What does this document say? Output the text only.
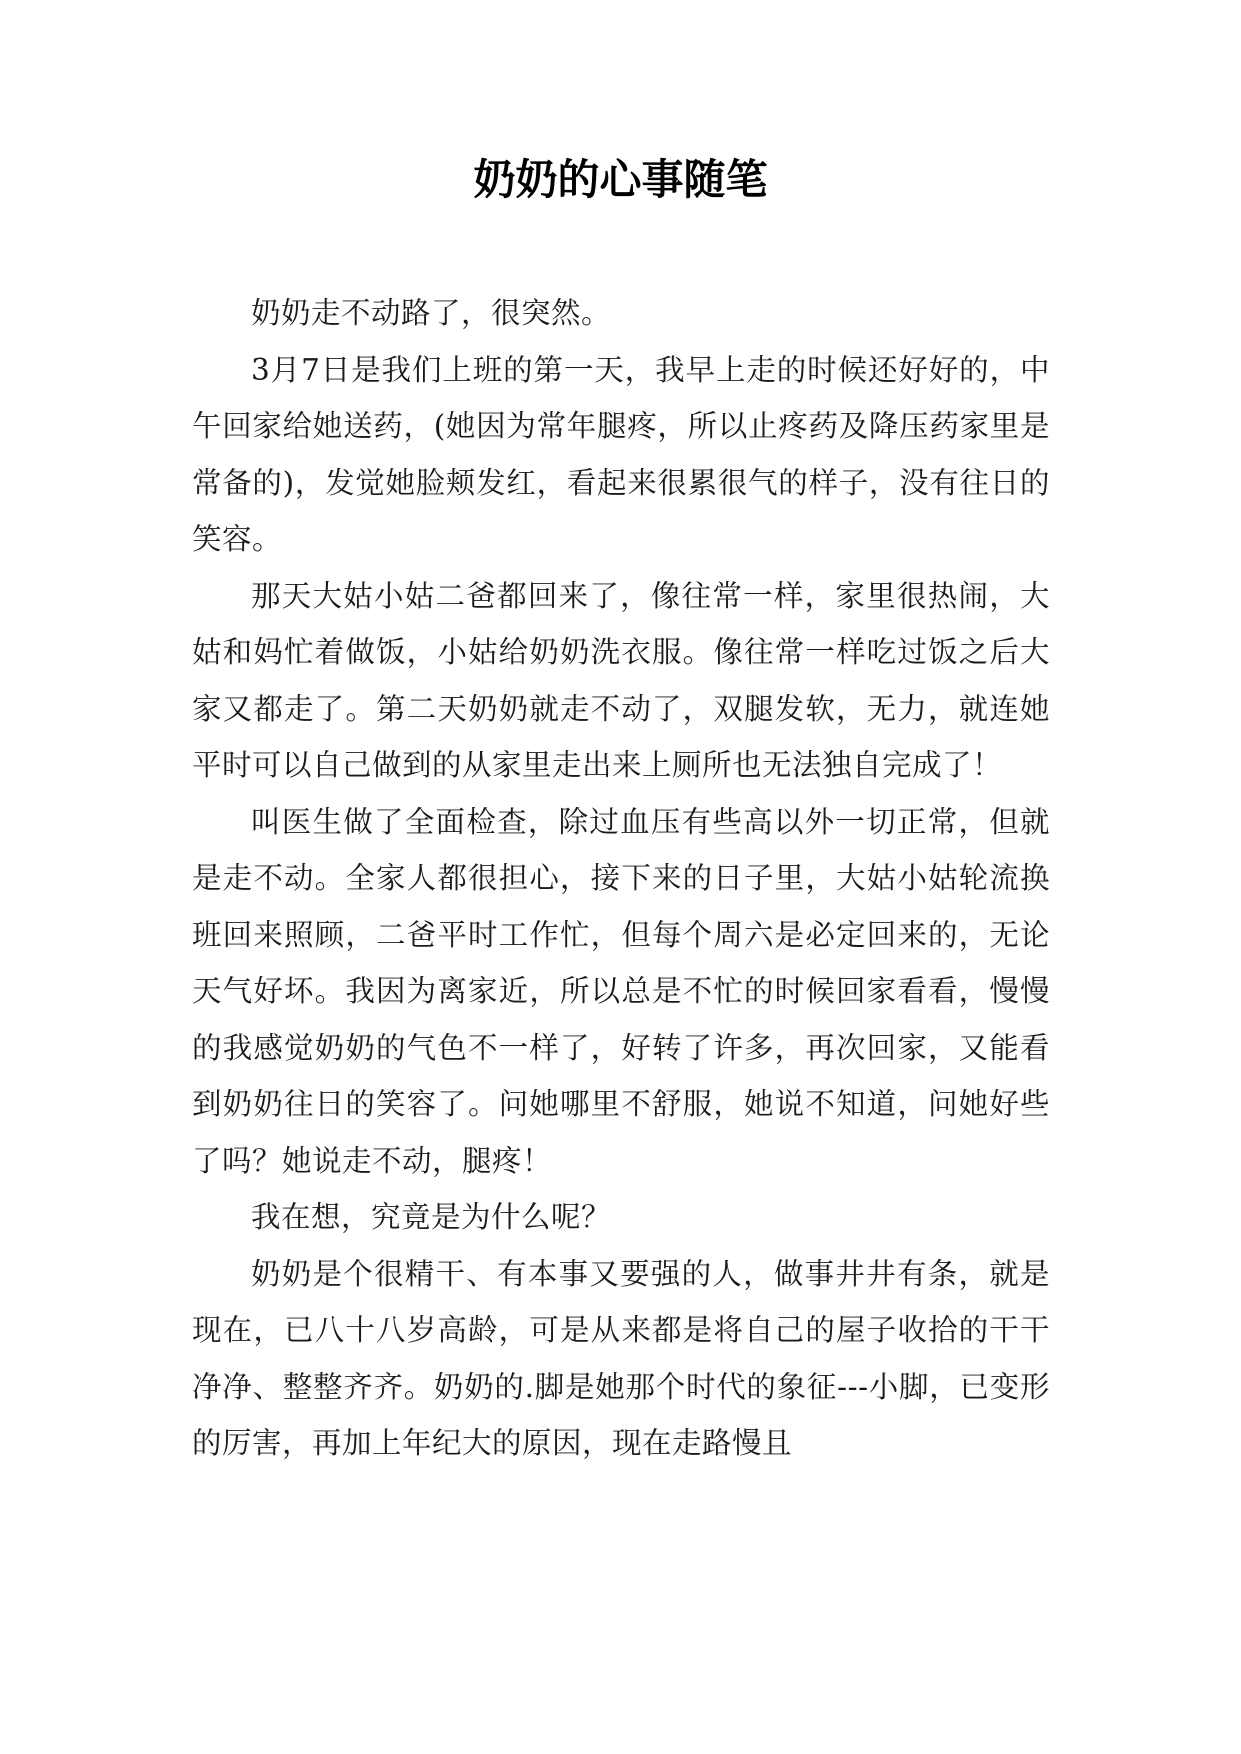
奶奶的心事随笔

奶奶走不动路了，很突然。

3月7日是我们上班的第一天，我早上走的时候还好好的，中午回家给她送药，(她因为常年腿疼，所以止疼药及降压药家里是常备的)，发觉她脸颊发红，看起来很累很气的样子，没有往日的笑容。

那天大姑小姑二爸都回来了，像往常一样，家里很热闹，大姑和妈忙着做饭，小姑给奶奶洗衣服。像往常一样吃过饭之后大家又都走了。第二天奶奶就走不动了，双腿发软，无力，就连她平时可以自己做到的从家里走出来上厕所也无法独自完成了！

叫医生做了全面检查，除过血压有些高以外一切正常，但就是走不动。全家人都很担心，接下来的日子里，大姑小姑轮流换班回来照顾，二爸平时工作忙，但每个周六是必定回来的，无论天气好坏。我因为离家近，所以总是不忙的时候回家看看，慢慢的我感觉奶奶的气色不一样了，好转了许多，再次回家，又能看到奶奶往日的笑容了。问她哪里不舒服，她说不知道，问她好些了吗？她说走不动，腿疼！

我在想，究竟是为什么呢？

奶奶是个很精干、有本事又要强的人，做事井井有条，就是现在，已八十八岁高龄，可是从来都是将自己的屋子收拾的干干净净、整整齐齐。奶奶的.脚是她那个时代的象征---小脚，已变形的厉害，再加上年纪大的原因，现在走路慢且
